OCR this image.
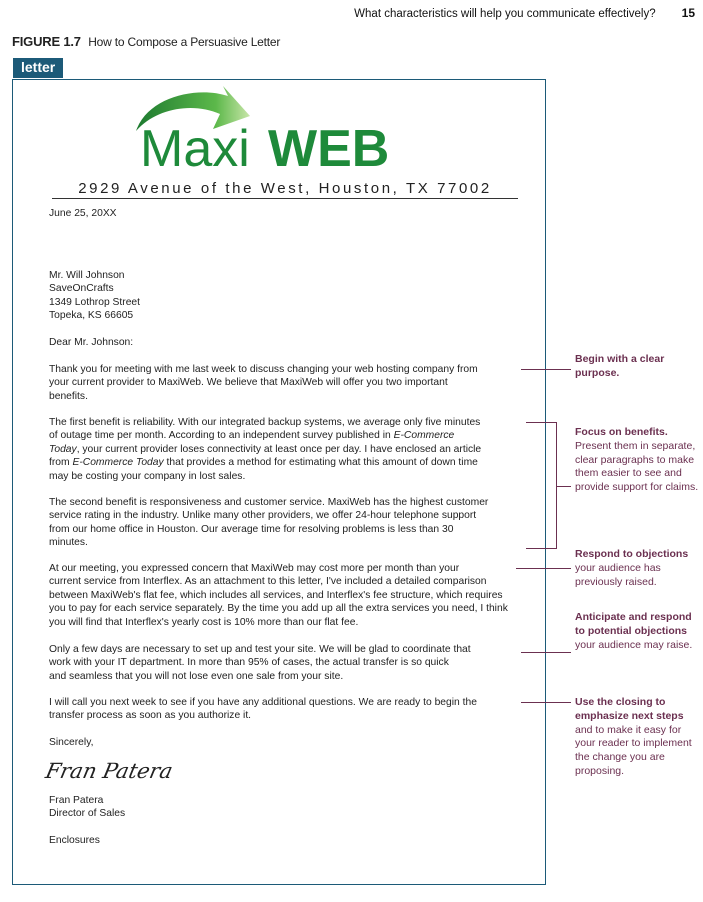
What characteristics will help you communicate effectively? 15
FIGURE 1.7 How to Compose a Persuasive Letter
letter
Maxi WEB
2929 Avenue of the West, Houston, TX 77002
June 25, 20XX
Mr. Will Johnson
SaveOnCrafts
1349 Lothrop Street
Topeka, KS 66605
Dear Mr. Johnson:
Thank you for meeting with me last week to discuss changing your web hosting company from
your current provider to MaxiWeb. We believe that MaxiWeb will offer you two important
benefits.
The first benefit is reliability. With our integrated backup systems, we average only five minutes
of outage time per month. According to an independent survey published in E-Commerce
Today, your current provider loses connectivity at least once per day. I have enclosed an article
from E-Commerce Today that provides a method for estimating what this amount of down time
may be costing your company in lost sales.
The second benefit is responsiveness and customer service. MaxiWeb has the highest customer
service rating in the industry. Unlike many other providers, we offer 24-hour telephone support
from our home office in Houston. Our average time for resolving problems is less than 30
minutes.
At our meeting, you expressed concern that MaxiWeb may cost more per month than your
current service from Interflex. As an attachment to this letter, I've included a detailed comparison
between MaxiWeb's flat fee, which includes all services, and Interflex's fee structure, which requires
you to pay for each service separately. By the time you add up all the extra services you need, I think
you will find that Interflex's yearly cost is 10% more than our flat fee.
Only a few days are necessary to set up and test your site. We will be glad to coordinate that
work with your IT department. In more than 95% of cases, the actual transfer is so quick
and seamless that you will not lose even one sale from your site.
I will call you next week to see if you have any additional questions. We are ready to begin the
transfer process as soon as you authorize it.
Sincerely,
Fran Patera
Fran Patera
Director of Sales
Enclosures
Begin with a clear purpose.
Focus on benefits.
Present them in separate, clear paragraphs to make them easier to see and provide support for claims.
Respond to objections your audience has previously raised.
Anticipate and respond to potential objections
your audience may raise.
Use the closing to emphasize next steps and to make it easy for your reader to implement the change you are proposing.
